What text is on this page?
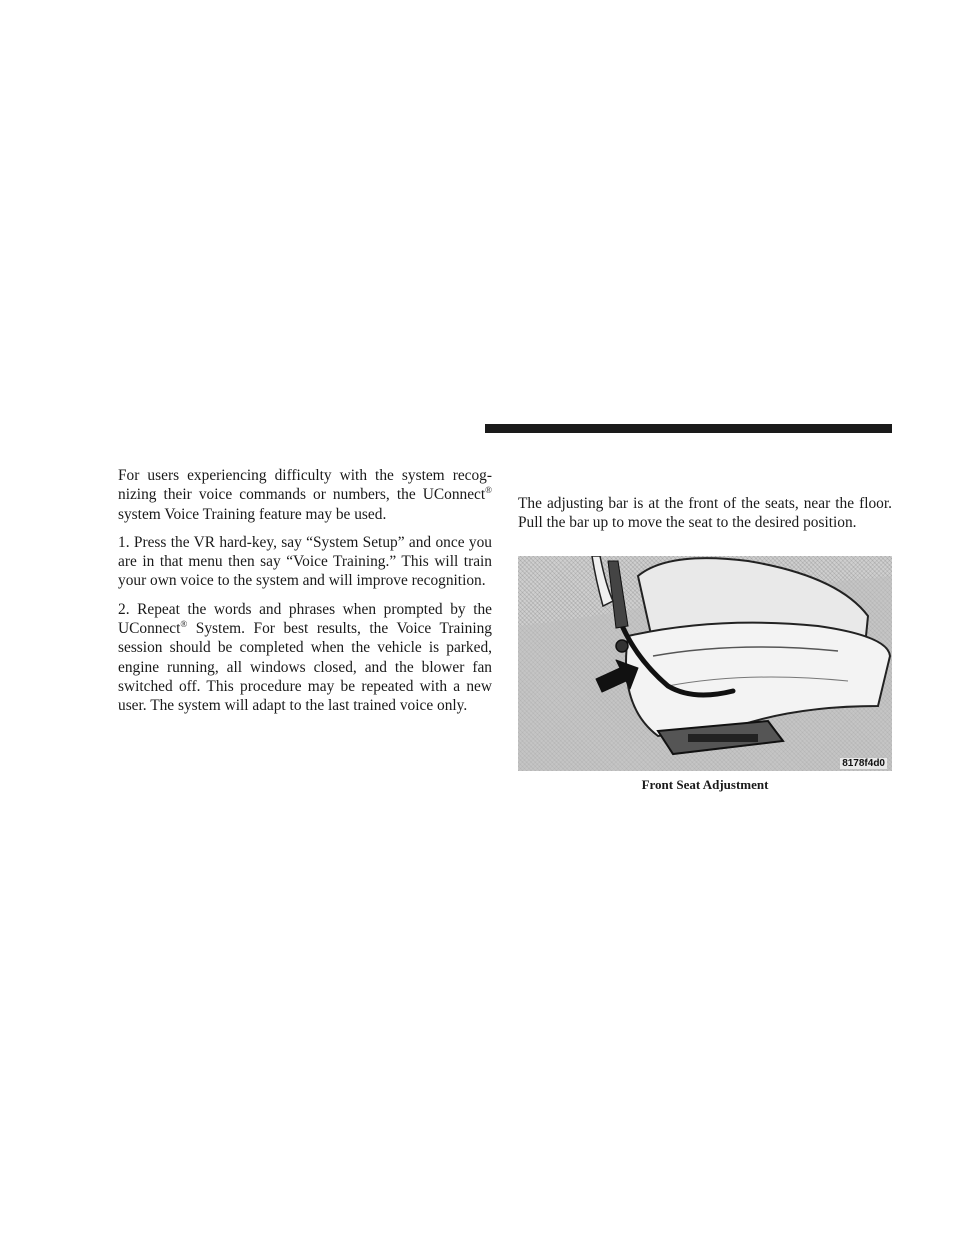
For users experiencing difficulty with the system recog- nizing their voice commands or numbers, the UConnect® system Voice Training feature may be used.

1. Press the VR hard-key, say “System Setup” and once you are in that menu then say “Voice Training.” This will train your own voice to the system and will improve recognition.

2. Repeat the words and phrases when prompted by the UConnect® System. For best results, the Voice Training session should be completed when the vehicle is parked, engine running, all windows closed, and the blower fan switched off. This procedure may be repeated with a new user. The system will adapt to the last trained voice only.

The adjusting bar is at the front of the seats, near the floor. Pull the bar up to move the seat to the desired position.

8178f4d0
Front Seat Adjustment
